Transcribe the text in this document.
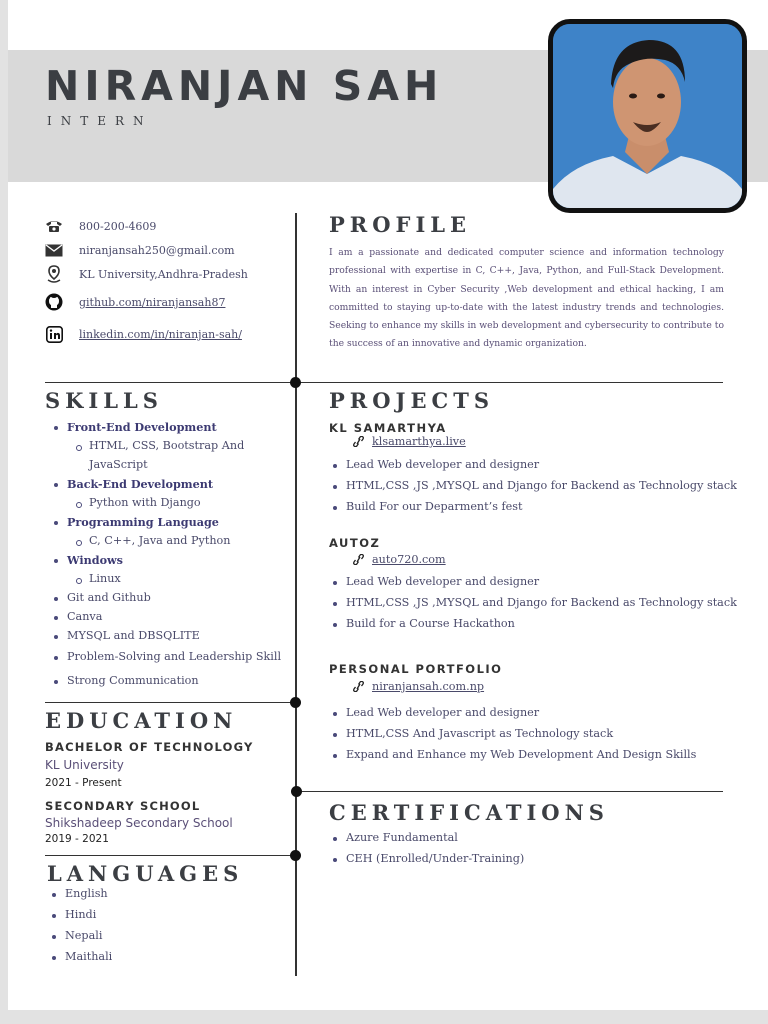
NIRANJAN SAH
INTERN
800-200-4609
niranjansah250@gmail.com
KL University,Andhra-Pradesh
github.com/niranjansah87
linkedin.com/in/niranjan-sah/
PROFILE
I am a passionate and dedicated computer science and information technology professional with expertise in C, C++, Java, Python, and Full-Stack Development. With an interest in Cyber Security ,Web development and ethical hacking, I am committed to staying up-to-date with the latest industry trends and technologies. Seeking to enhance my skills in web development and cybersecurity to contribute to the success of an innovative and dynamic organization.
SKILLS
Front-End Development
HTML, CSS, Bootstrap And
JavaScript
Back-End Development
Python with Django
Programming Language
C, C++, Java and Python
Windows
Linux
Git and Github
Canva
MYSQL and DBSQLITE
Problem-Solving and Leadership Skill
Strong Communication
EDUCATION
BACHELOR OF TECHNOLOGY
KL University
2021 - Present
SECONDARY SCHOOL
Shikshadeep Secondary School
2019 - 2021
LANGUAGES
English
Hindi
Nepali
Maithali
PROJECTS
KL SAMARTHYA
klsamarthya.live
Lead Web developer and designer
HTML,CSS ,JS ,MYSQL and Django for Backend as Technology stack
Build For our Deparment’s fest
AUTOZ
auto720.com
Lead Web developer and designer
HTML,CSS ,JS ,MYSQL and Django for Backend as Technology stack
Build for a Course Hackathon
PERSONAL PORTFOLIO
niranjansah.com.np
Lead Web developer and designer
HTML,CSS And Javascript as Technology stack
Expand and Enhance my Web Development And Design Skills
CERTIFICATIONS
Azure Fundamental
CEH (Enrolled/Under-Training)
